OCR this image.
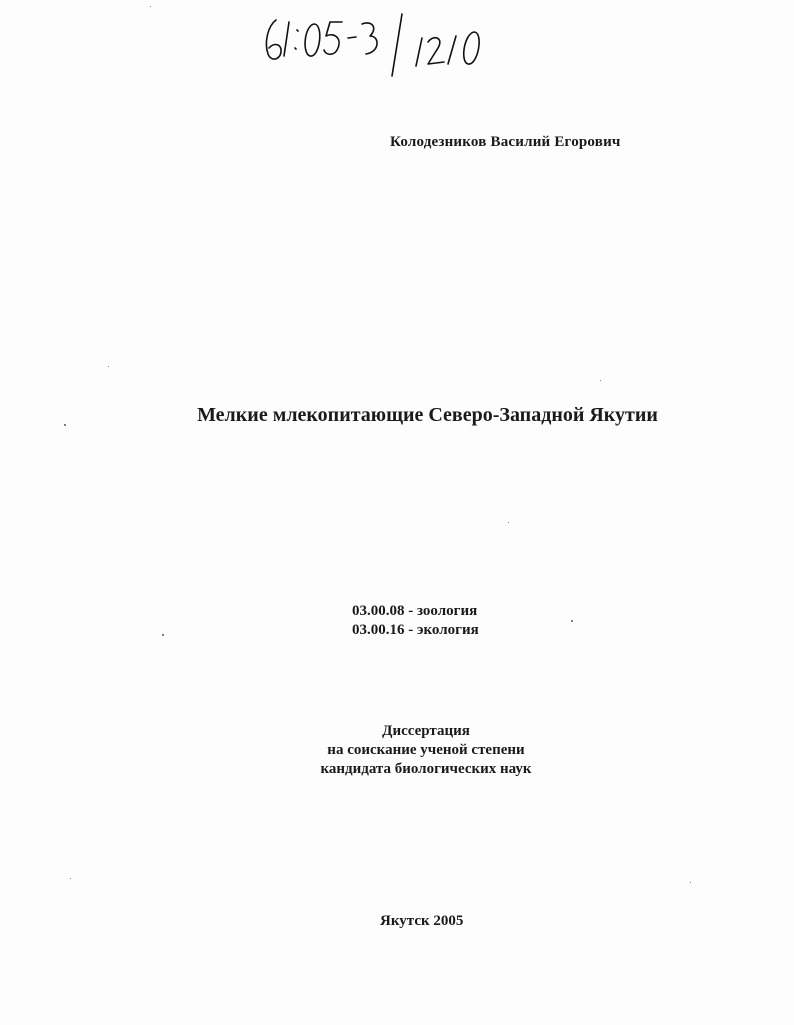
61:05-3/1210
Колодезников Василий Егорович
Мелкие млекопитающие Северо-Западной Якутии
03.00.08 - зоология
03.00.16 - экология
Диссертация
на соискание ученой степени
кандидата биологических наук
Якутск 2005
